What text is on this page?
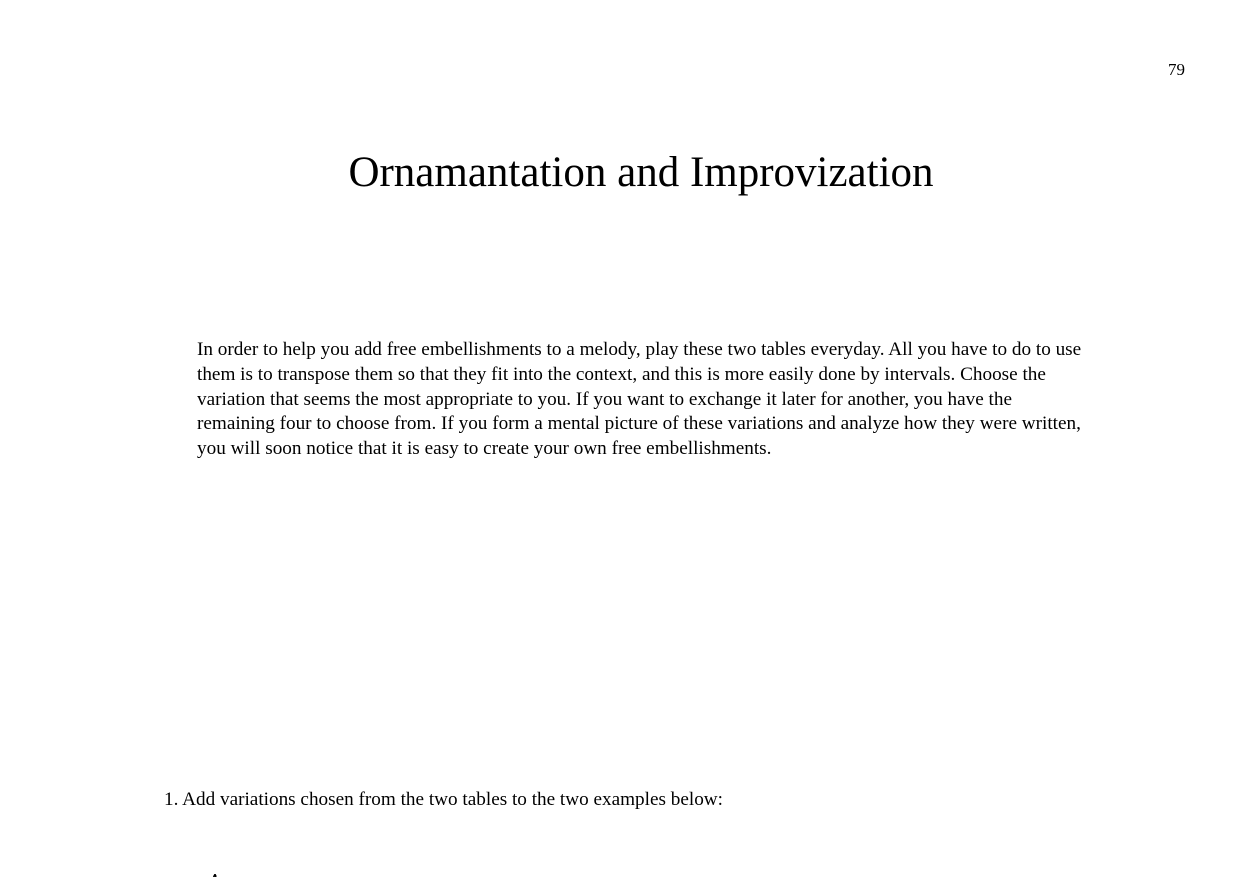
79
Ornamantation and Improvization

In order to help you add free embellishments to a melody, play these two tables everyday. All you have to do to use them is to transpose them so that they fit into the context, and this is more easily done by intervals. Choose the variation that seems the most appropriate to you. If you want to exchange it later for another, you have the remaining four to choose from. If you form a mental picture of these variations and analyze how they were written, you will soon notice that it is easy to create your own free embellishments.

1. Add variations chosen from the two tables to the two examples below:
